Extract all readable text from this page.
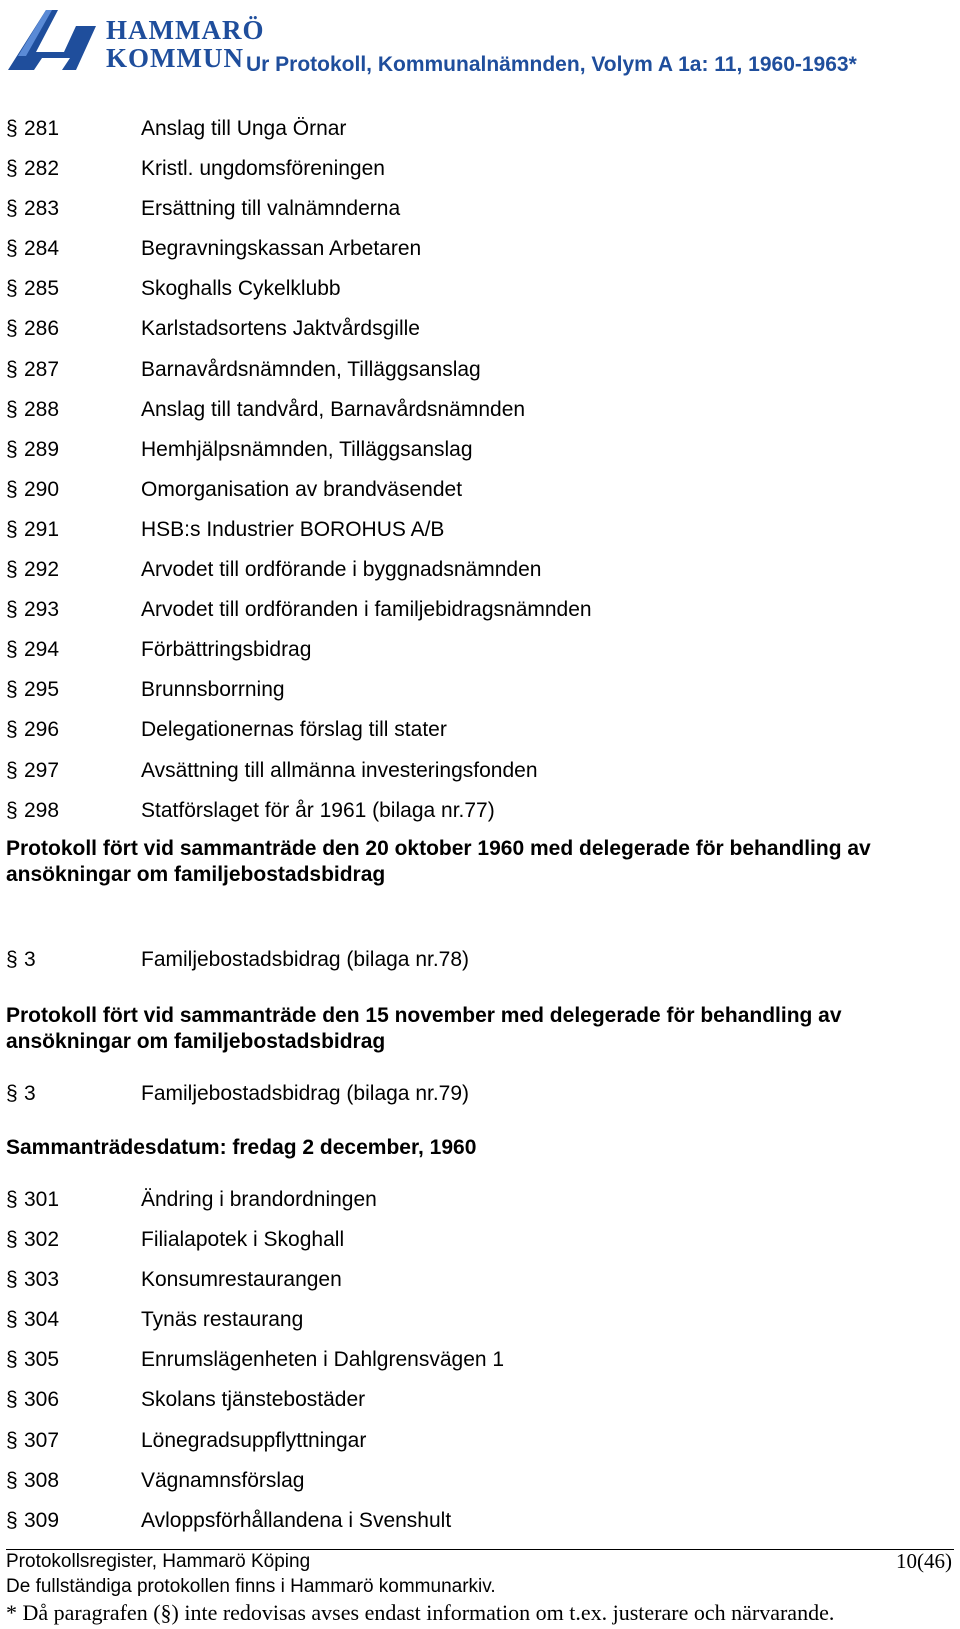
HAMMARÖ
KOMMUN Ur Protokoll, Kommunalnämnden, Volym A 1a: 11, 1960-1963*
§ 281	Anslag till Unga Örnar
§ 282	Kristl. ungdomsföreningen
§ 283	Ersättning till valnämnderna
§ 284	Begravningskassan Arbetaren
§ 285	Skoghalls Cykelklubb
§ 286	Karlstadsortens Jaktvårdsgille
§ 287	Barnavårdsnämnden, Tilläggsanslag
§ 288	Anslag till tandvård, Barnavårdsnämnden
§ 289	Hemhjälpsnämnden, Tilläggsanslag
§ 290	Omorganisation av brandväsendet
§ 291	HSB:s Industrier BOROHUS A/B
§ 292	Arvodet till ordförande i byggnadsnämnden
§ 293	Arvodet till ordföranden i familjebidragsnämnden
§ 294	Förbättringsbidrag
§ 295	Brunnsborrning
§ 296	Delegationernas förslag till stater
§ 297	Avsättning till allmänna investeringsfonden
§ 298	Statförslaget för år 1961 (bilaga nr.77)
Protokoll fört vid sammanträde den 20 oktober 1960 med delegerade för behandling av ansökningar om familjebostadsbidrag
§ 3	Familjebostadsbidrag (bilaga nr.78)
Protokoll fört vid sammanträde den 15 november med delegerade för behandling av ansökningar om familjebostadsbidrag
§ 3	Familjebostadsbidrag (bilaga nr.79)
Sammanträdesdatum: fredag 2 december, 1960
§ 301	Ändring i brandordningen
§ 302	Filialapotek i Skoghall
§ 303	Konsumrestaurangen
§ 304	Tynäs restaurang
§ 305	Enrumslägenheten i Dahlgrensvägen 1
§ 306	Skolans tjänstebostäder
§ 307	Lönegradsuppflyttningar
§ 308	Vägnamnsförslag
§ 309	Avloppsförhållandena i Svenshult
Protokollsregister, Hammarö Köping	10(46)
De fullständiga protokollen finns i Hammarö kommunarkiv.
* Då paragrafen (§) inte redovisas avses endast information om t.ex. justerare och närvarande.
